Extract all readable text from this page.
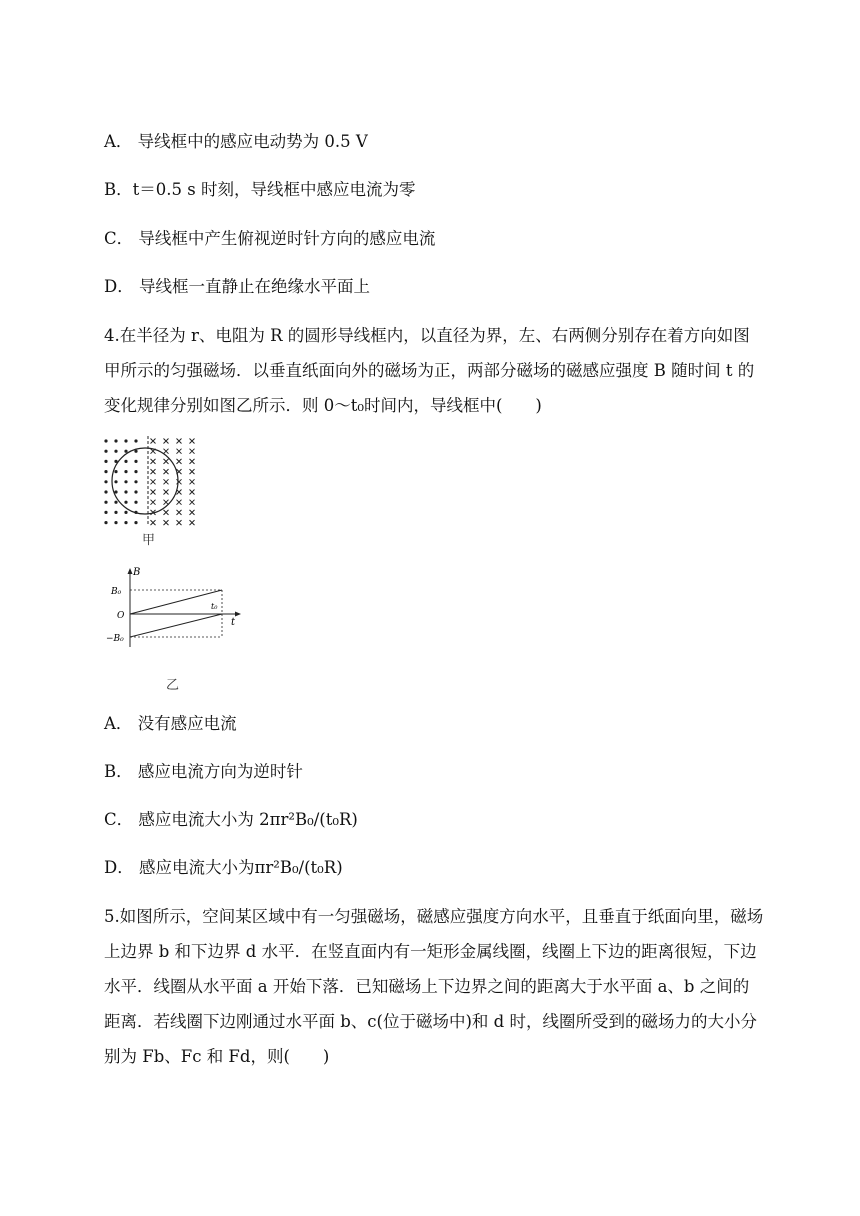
A． 导线框中的感应电动势为 0.5 V
B．t＝0.5 s 时刻，导线框中感应电流为零
C． 导线框中产生俯视逆时针方向的感应电流
D． 导线框一直静止在绝缘水平面上
4.在半径为 r、电阻为 R 的圆形导线框内，以直径为界，左、右两侧分别存在着方向如图甲所示的匀强磁场．以垂直纸面向外的磁场为正，两部分磁场的磁感应强度 B 随时间 t 的变化规律分别如图乙所示．则 0～t₀时间内，导线框中(　　)
甲
B
B₀
O
−B₀
t₀
t
乙
A． 没有感应电流
B． 感应电流方向为逆时针
C． 感应电流大小为 2πr²B₀/(t₀R)
D． 感应电流大小为πr²B₀/(t₀R)
5.如图所示，空间某区域中有一匀强磁场，磁感应强度方向水平，且垂直于纸面向里，磁场上边界 b 和下边界 d 水平．在竖直面内有一矩形金属线圈，线圈上下边的距离很短，下边水平．线圈从水平面 a 开始下落．已知磁场上下边界之间的距离大于水平面 a、b 之间的距离．若线圈下边刚通过水平面 b、c(位于磁场中)和 d 时，线圈所受到的磁场力的大小分别为 Fb、Fc 和 Fd，则(　　)
